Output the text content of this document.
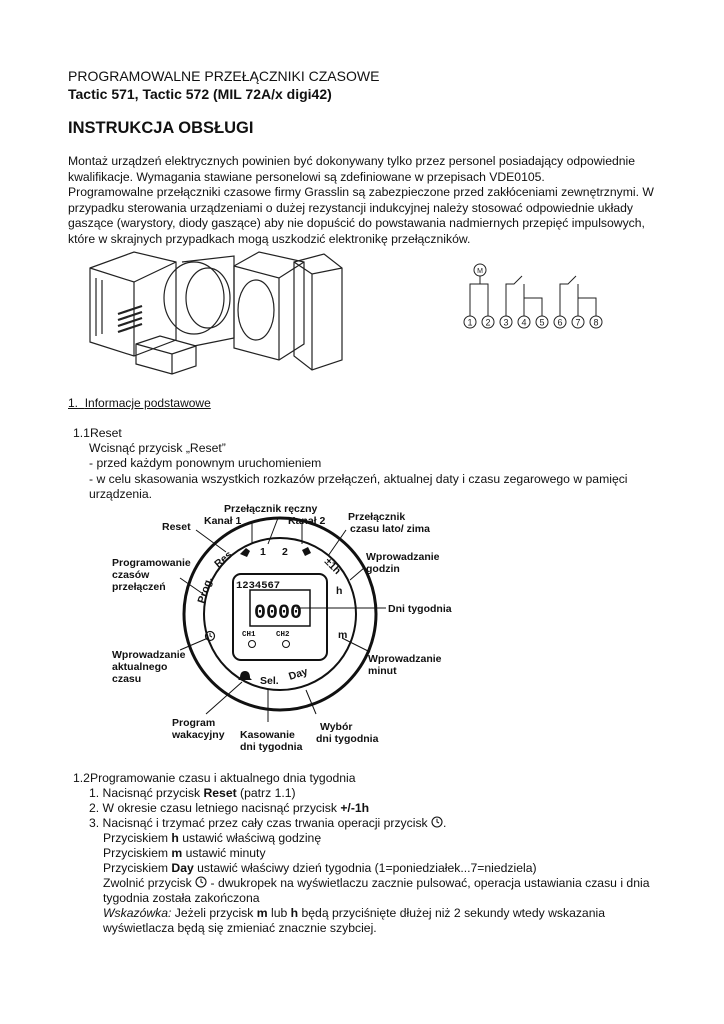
PROGRAMOWALNE PRZEŁĄCZNIKI CZASOWE
Tactic 571, Tactic 572 (MIL 72A/x digi42)
INSTRUKCJA OBSŁUGI

Montaż urządzeń elektrycznych powinien być dokonywany tylko przez personel posiadający odpowiednie kwalifikacje. Wymagania stawiane personelowi są zdefiniowane w przepisach VDE0105.

Programowalne przełączniki czasowe firmy Grasslin są zabezpieczone przed zakłóceniami zewnętrznymi. W przypadku sterowania urządzeniami o dużej rezystancji indukcyjnej należy stosować odpowiednie układy gaszące (warystory, diody gaszące) aby nie dopuścić do powstawania nadmiernych przepięć impulsowych, które w skrajnych przypadkach mogą uszkodzić elektronikę przełączników.

M
1 2 3 4 5 6 7 8
1. Informacje podstawowe
1.1Reset
Wcisnąć przycisk „Reset”
- przed każdym ponownym uruchomieniem
- w celu skasowania wszystkich rozkazów przełączeń, aktualnej daty i czasu zegarowego w pamięci
urządzenia.
Reset
Przełącznik ręczny
Kanał 1	Kanał 2 Przełącznik
czasu lato/ zima
Programowanie
czasów
przełączeń
Wprowadzanie
godzin
Dni tygodnia
Wprowadzanie
aktualnego
czasu
Wprowadzanie
minut
Program
wakacyjny Kasowanie
dni tygodnia
Wybór
dni tygodnia
1234567
0000
CH1	CH2
Res
Prog.
1 2
±1h
h
m
Sel. Day
1.2Programowanie czasu i aktualnego dnia tygodnia
1. Nacisnąć przycisk Reset (patrz 1.1)
2. W okresie czasu letniego nacisnąć przycisk +/-1h
3. Nacisnąć i trzymać przez cały czas trwania operacji przycisk .
Przyciskiem h ustawić właściwą godzinę
Przyciskiem m ustawić minuty
Przyciskiem Day ustawić właściwy dzień tygodnia (1=poniedziałek...7=niedziela)
Zwolnić przycisk  - dwukropek na wyświetlaczu zacznie pulsować, operacja ustawiania czasu i dnia
tygodnia została zakończona
Wskazówka: Jeżeli przycisk m lub h będą przyciśnięte dłużej niż 2 sekundy wtedy wskazania
wyświetlacza będą się zmieniać znacznie szybciej.
